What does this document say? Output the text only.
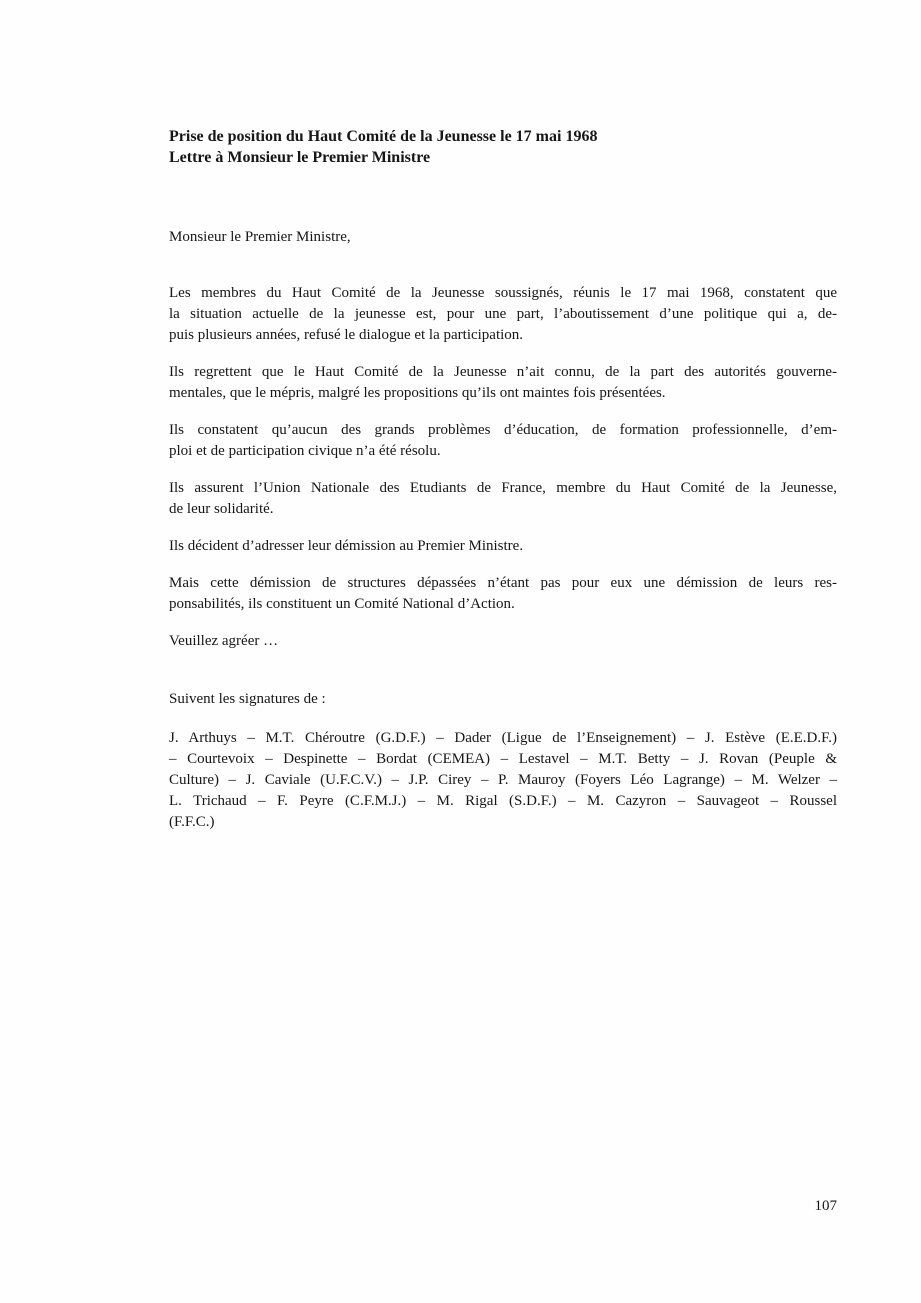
Prise de position du Haut Comité de la Jeunesse le 17 mai 1968
Lettre à Monsieur le Premier Ministre
Monsieur le Premier Ministre,
Les membres du Haut Comité de la Jeunesse soussignés, réunis le 17 mai 1968, constatent que
la situation actuelle de la jeunesse est, pour une part, l’aboutissement d’une politique qui a, de-
puis plusieurs années, refusé le dialogue et la participation.
Ils regrettent que le Haut Comité de la Jeunesse n’ait connu, de la part des autorités gouverne-
mentales, que le mépris, malgré les propositions qu’ils ont maintes fois présentées.
Ils constatent qu’aucun des grands problèmes d’éducation, de formation professionnelle, d’em-
ploi et de participation civique n’a été résolu.
Ils assurent l’Union Nationale des Etudiants de France, membre du Haut Comité de la Jeunesse,
de leur solidarité.
Ils décident d’adresser leur démission au Premier Ministre.
Mais cette démission de structures dépassées n’étant pas pour eux une démission de leurs res-
ponsabilités, ils constituent un Comité National d’Action.
Veuillez agréer …
Suivent les signatures de :
J. Arthuys – M.T. Chéroutre (G.D.F.) – Dader (Ligue de l’Enseignement) – J. Estève (E.E.D.F.)
– Courtevoix – Despinette – Bordat (CEMEA) – Lestavel – M.T. Betty – J. Rovan (Peuple &
Culture) – J. Caviale (U.F.C.V.) – J.P. Cirey – P. Mauroy (Foyers Léo Lagrange) – M. Welzer –
L. Trichaud – F. Peyre (C.F.M.J.) – M. Rigal (S.D.F.) – M. Cazyron – Sauvageot – Roussel
(F.F.C.)
107
